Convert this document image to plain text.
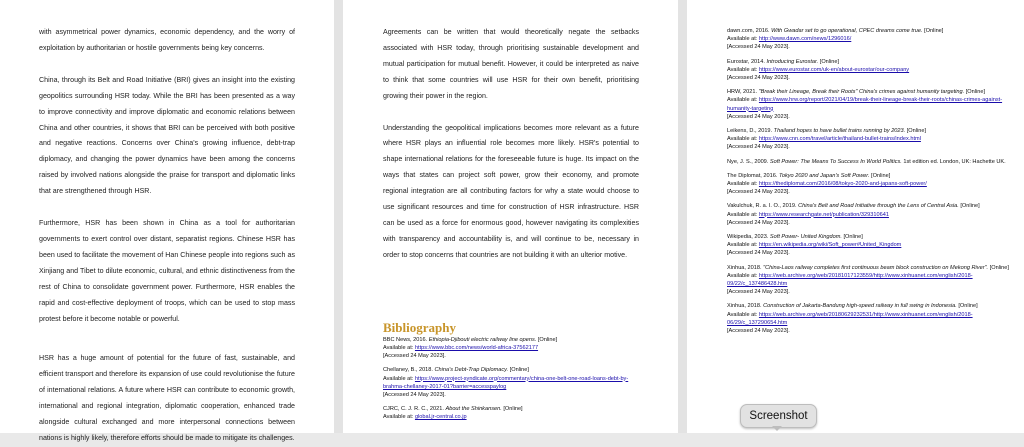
with asymmetrical power dynamics, economic dependency, and the worry of exploitation by authoritarian or hostile governments being key concerns.

China, through its Belt and Road Initiative (BRI) gives an insight into the existing geopolitics surrounding HSR today. While the BRI has been presented as a way to improve connectivity and improve diplomatic and economic relations between China and other countries, it shows that BRI can be perceived with both positive and negative reactions. Concerns over China's growing influence, debt-trap diplomacy, and changing the power dynamics have been among the concerns raised by involved nations alongside the praise for transport and diplomatic links that are strengthened through HSR.

Furthermore, HSR has been shown in China as a tool for authoritarian governments to exert control over distant, separatist regions. Chinese HSR has been used to facilitate the movement of Han Chinese people into regions such as Xinjiang and Tibet to dilute economic, cultural, and ethnic distinctiveness from the rest of China to consolidate government power. Furthermore, HSR enables the rapid and cost-effective deployment of troops, which can be used to stop mass protest before it become notable or powerful.

HSR has a huge amount of potential for the future of fast, sustainable, and efficient transport and therefore its expansion of use could revolutionise the future of international relations. A future where HSR can contribute to economic growth, international and regional integration, diplomatic cooperation, enhanced trade alongside cultural exchanged and more interpersonal connections between nations is highly likely, therefore efforts should be made to mitigate its challenges.

Agreements can be written that would theoretically negate the setbacks associated with HSR today, through prioritising sustainable development and mutual participation for mutual benefit. However, it could be interpreted as naive to think that some countries will use HSR for their own benefit, prioritising growing their power in the region.

Understanding the geopolitical implications becomes more relevant as a future where HSR plays an influential role becomes more likely. HSR's potential to shape international relations for the foreseeable future is huge. Its impact on the ways that states can project soft power, grow their economy, and promote regional integration are all contributing factors for why a state would choose to use significant resources and time for construction of HSR infrastructure. HSR can be used as a force for enormous good, however navigating its complexities with transparency and accountability is, and will continue to be, necessary in order to stop concerns that countries are not building it with an ulterior motive.

Bibliography
BBC News, 2016. Ethiopia-Djibouti electric railway line opens. [Online]
Available at: https://www.bbc.com/news/world-africa-37562177
[Accessed 24 May 2023].
Chellaney, B., 2018. China's Debt-Trap Diplomacy. [Online]
Available at: https://www.project-syndicate.org/commentary/china-one-belt-one-road-loans-debt-by-brahma-chellaney-2017-01?barrier=accesspaylog
[Accessed 24 May 2023].
CJRC, C. J. R. C., 2021. About the Shinkansen. [Online]
Available at: global.jr-central.co.jp
dawn.com, 2016. With Gwadar set to go operational, CPEC dreams come true. [Online]
Available at: http://www.dawn.com/news/1296016/
[Accessed 24 May 2023].
Eurostar, 2014. Introducing Eurostar. [Online]
Available at: https://www.eurostar.com/uk-en/about-eurostar/our-company
[Accessed 24 May 2023].
HRW, 2021. "Break their Lineage, Break their Roots" China's crimes against humanity targeting. [Online]
Available at: https://www.hrw.org/report/2021/04/19/break-their-lineage-break-their-roots/chinas-crimes-against-humanity-targeting
[Accessed 24 May 2023].
Leikens, D., 2019. Thailand hopes to have bullet trains running by 2023. [Online]
Available at: https://www.cnn.com/travel/article/thailand-bullet-trains/index.html
[Accessed 24 May 2023].
Nye, J. S., 2009. Soft Power: The Means To Success In World Politics. 1st edition ed. London, UK: Hachette UK.
The Diplomat, 2016. Tokyo 2020 and Japan's Soft Power. [Online]
Available at: https://thediplomat.com/2016/08/tokyo-2020-and-japans-soft-power/
[Accessed 24 May 2023].
Vakulchuk, R. a. I. O., 2019. China's Belt and Road Initiative through the Lens of Central Asia. [Online]
Available at: https://www.researchgate.net/publication/329310641
[Accessed 24 May 2023].
Wikipedia, 2023. Soft Power- United Kingdom. [Online]
Available at: https://en.wikipedia.org/wiki/Soft_power#United_Kingdom
[Accessed 24 May 2023].
Xinhua, 2018. "China-Laos railway completes first continuous beam block construction on Mekong River". [Online]
Available at: https://web.archive.org/web/20181017123559/http://www.xinhuanet.com/english/2018-09/22/c_137486428.htm
[Accessed 24 May 2023].
Xinhua, 2018. Construction of Jakarta-Bandung high-speed railway in full swing in Indonesia. [Online]
Available at: https://web.archive.org/web/20180629232531/http://www.xinhuanet.com/english/2018-06/29/c_137290654.htm
[Accessed 24 May 2023].
Screenshot
